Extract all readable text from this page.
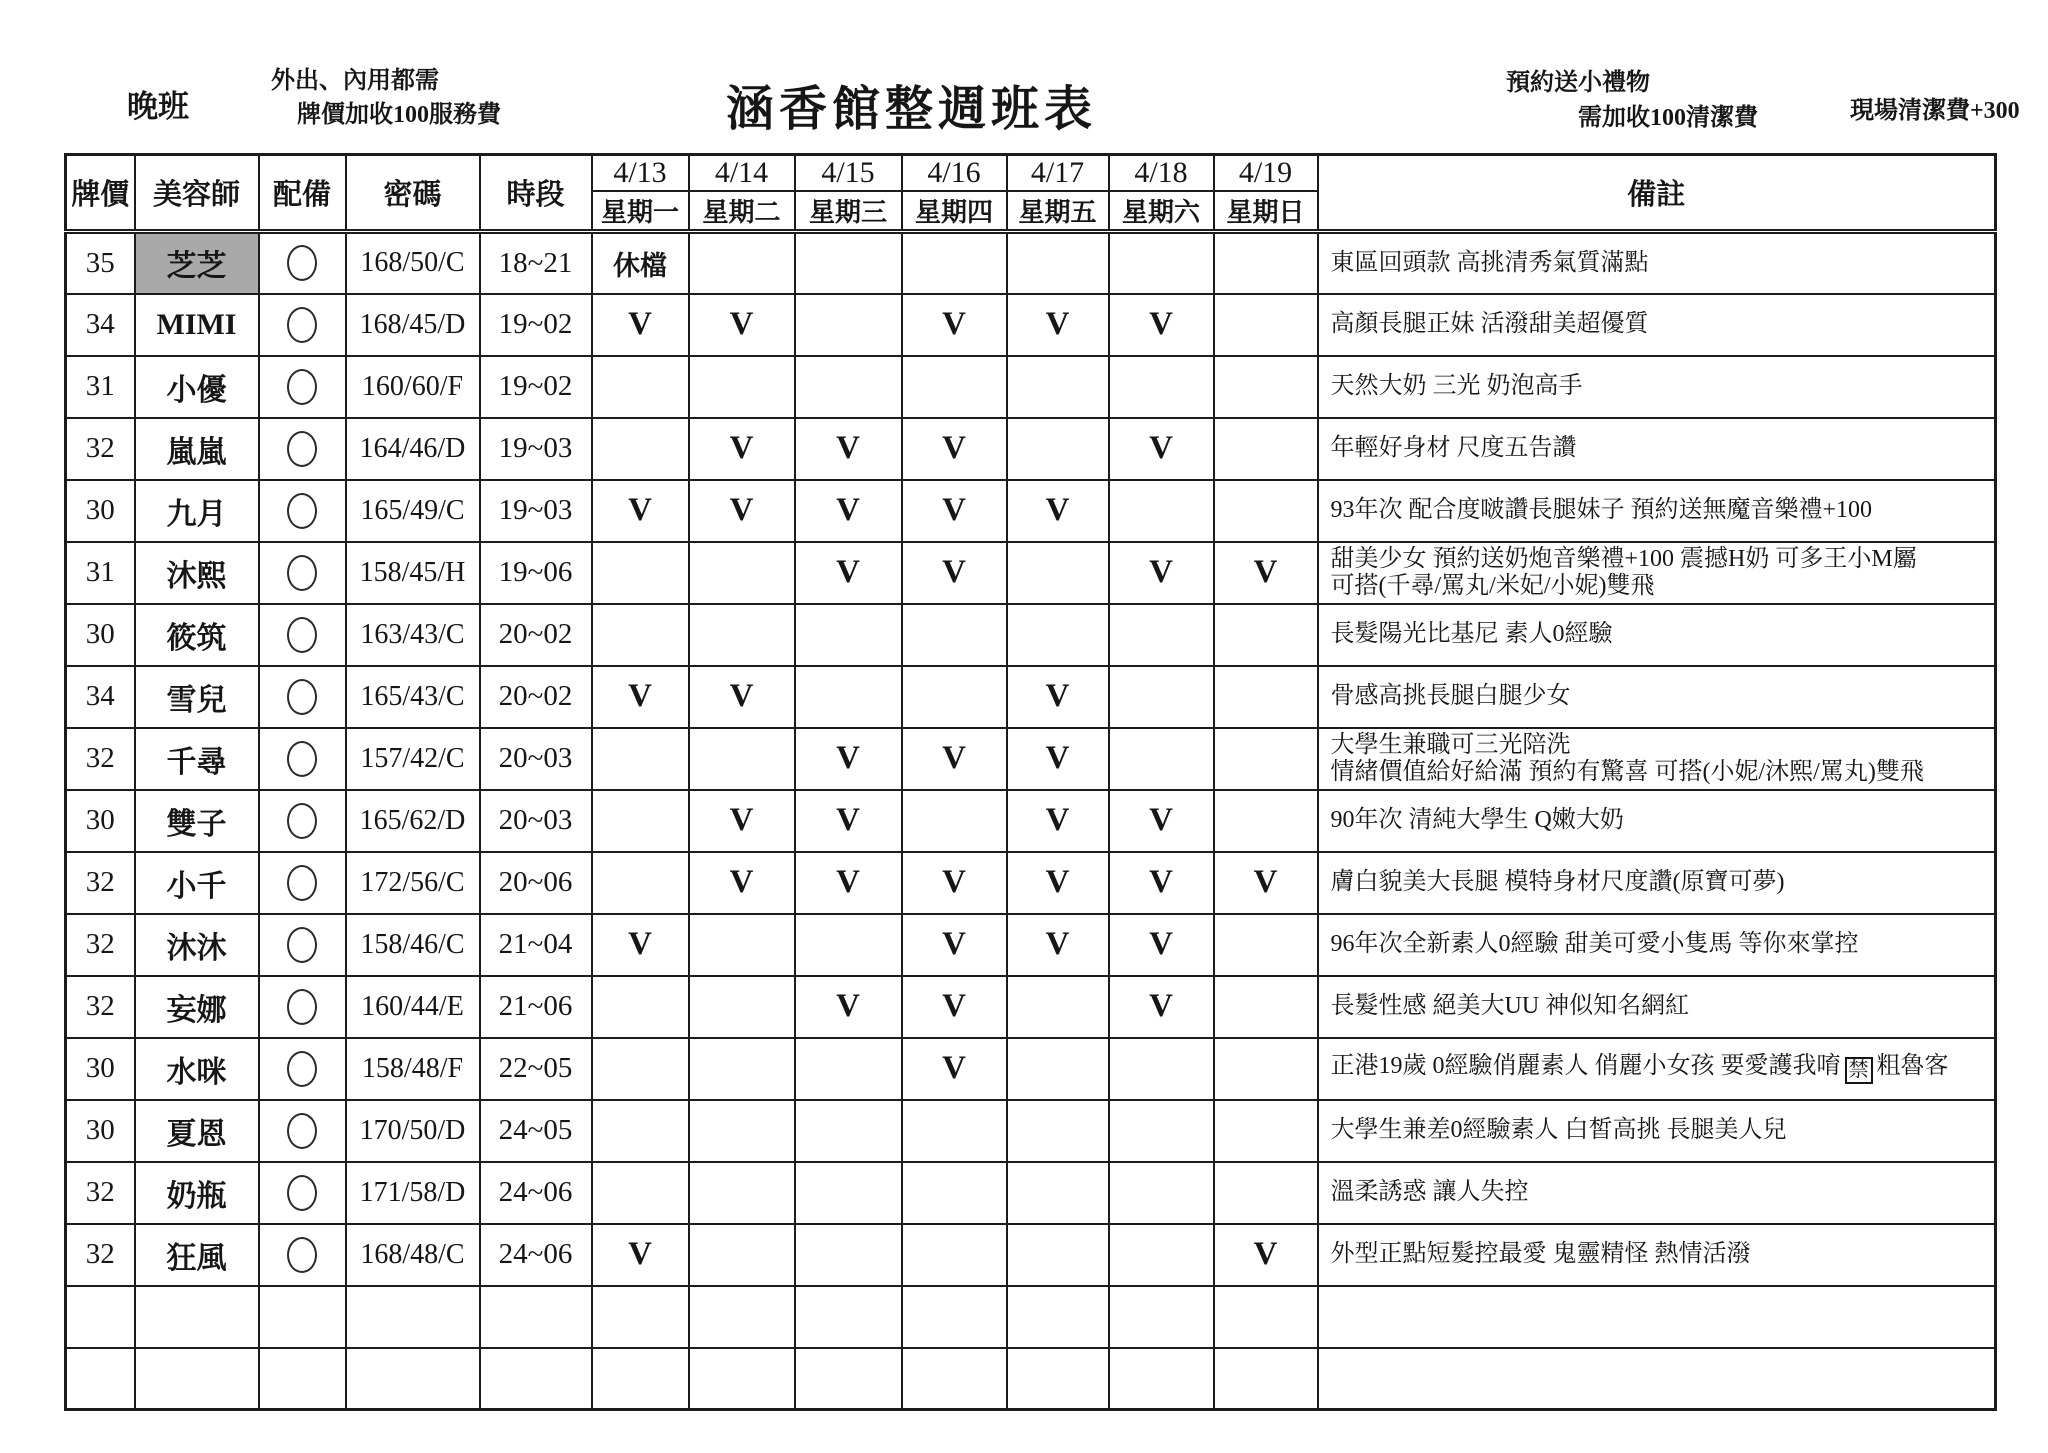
晚班
外出、內用都需
牌價加收100服務費	涵香館整週班表	預約送小禮物
需加收100清潔費	現場清潔費+300
牌價	美容師	配備	密碼	時段	4/13	4/14	4/15	4/16	4/17	4/18	4/19	備註
					星期一	星期二	星期三	星期四	星期五	星期六	星期日	
35	芝芝		168/50/C	18~21	休檔							東區回頭款 高挑清秀氣質滿點

34	MIMI		168/45/D	19~02	V	V		V	V	V		高顏長腿正妹 活潑甜美超優質

31	小優		160/60/F	19~02								天然大奶 三光 奶泡高手

32	嵐嵐		164/46/D	19~03		V	V	V		V		年輕好身材 尺度五告讚

30	九月		165/49/C	19~03	V	V	V	V	V			93年次 配合度啵讚長腿妹子 預約送無魔音樂禮+100

31	沐熙		158/45/H	19~06			V	V		V	V	甜美少女 預約送奶炮音樂禮+100 震撼H奶 可多王小M屬
可搭(千尋/罵丸/米妃/小妮)雙飛

30	筱筑		163/43/C	20~02								長髮陽光比基尼 素人0經驗

34	雪兒		165/43/C	20~02	V	V			V			骨感高挑長腿白腿少女

32	千尋		157/42/C	20~03			V	V	V			大學生兼職可三光陪洗
情緒價值給好給滿 預約有驚喜 可搭(小妮/沐熙/罵丸)雙飛

30	雙子		165/62/D	20~03		V	V		V	V		90年次 清純大學生 Q嫩大奶

32	小千		172/56/C	20~06		V	V	V	V	V	V	膚白貌美大長腿 模特身材尺度讚(原寶可夢)

32	沐沐		158/46/C	21~04	V			V	V	V		96年次全新素人0經驗 甜美可愛小隻馬 等你來掌控

32	妄娜		160/44/E	21~06			V	V		V		長髮性感 絕美大UU 神似知名網紅

30	水咪		158/48/F	22~05				V				正港19歲 0經驗俏麗素人 俏麗小女孩 要愛護我唷 禁 粗魯客

30	夏恩		170/50/D	24~05								大學生兼差0經驗素人 白皙高挑 長腿美人兒

32	奶瓶		171/58/D	24~06								溫柔誘惑 讓人失控

32	狂風		168/48/C	24~06	V						V	外型正點短髮控最愛 鬼靈精怪 熱情活潑
